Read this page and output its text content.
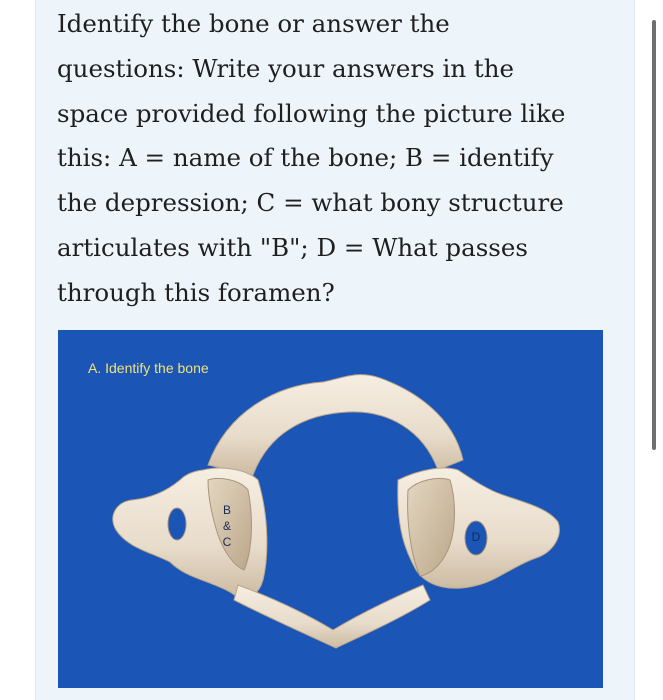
Identify the bone or answer the
questions: Write your answers in the
space provided following the picture like
this: A = name of the bone; B = identify
the depression; C = what bony structure
articulates with "B"; D = What passes
through this foramen?

A. Identify the bone

B
&
C	D
